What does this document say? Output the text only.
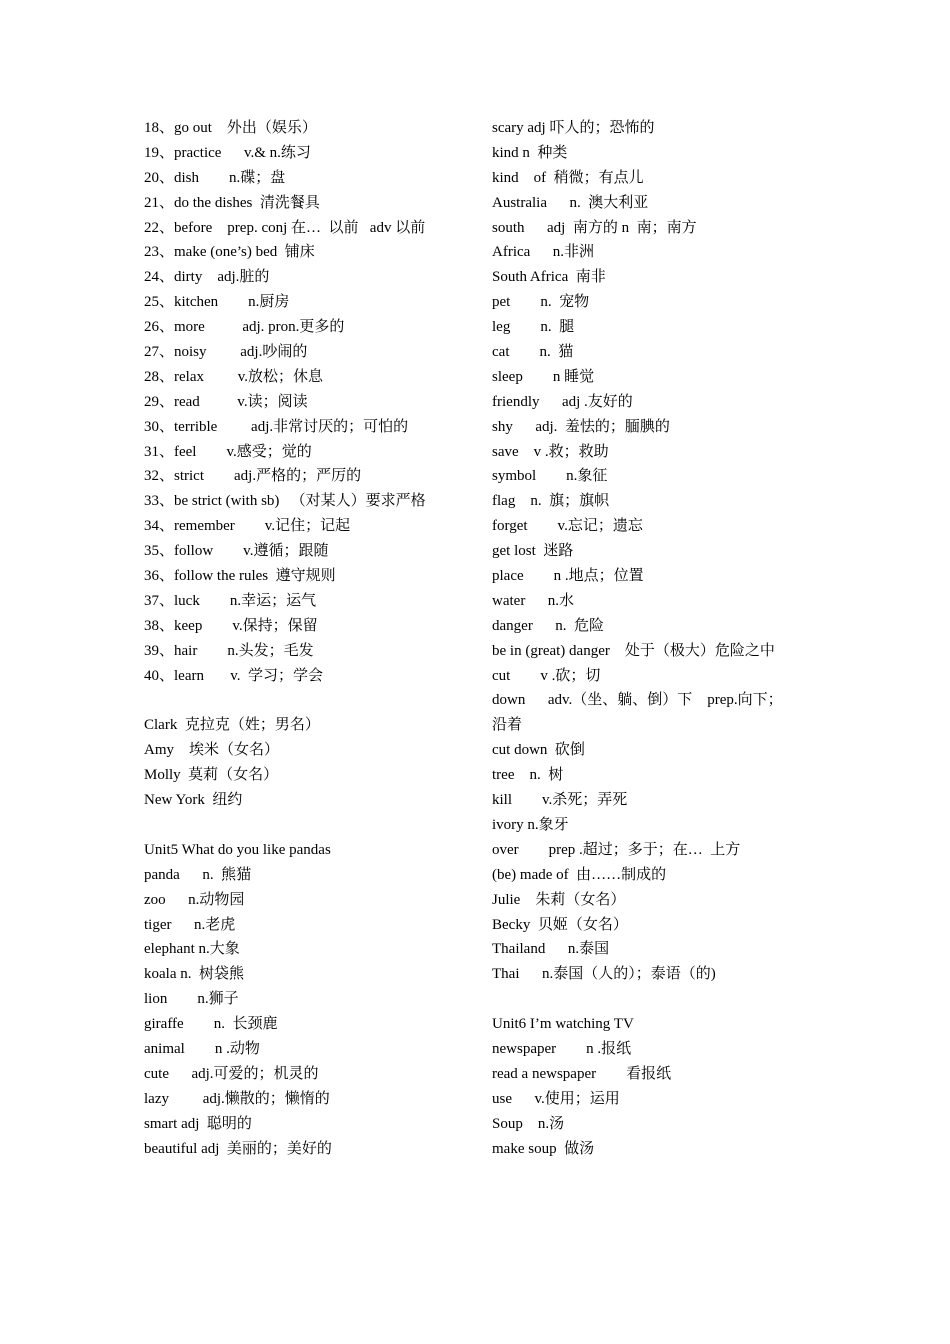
18、go out    外出（娱乐）
19、practice      v.& n.练习
20、dish        n.碟；盘
21、do the dishes  清洗餐具
22、before    prep. conj 在…  以前   adv 以前
23、make (one’s) bed  铺床
24、dirty    adj.脏的
25、kitchen        n.厨房
26、more          adj. pron.更多的
27、noisy         adj.吵闹的
28、relax         v.放松；休息
29、read          v.读；阅读
30、terrible         adj.非常讨厌的；可怕的
31、feel        v.感受；觉的
32、strict        adj.严格的；严厉的
33、be strict (with sb)   （对某人）要求严格
34、remember        v.记住；记起
35、follow        v.遵循；跟随
36、follow the rules  遵守规则
37、luck        n.幸运；运气
38、keep        v.保持；保留
39、hair        n.头发；毛发
40、learn       v.  学习；学会
Clark  克拉克（姓；男名）
Amy    埃米（女名）
Molly  莫莉（女名）
New York  纽约
Unit5 What do you like pandas
panda      n.  熊猫
zoo      n.动物园
tiger      n.老虎
elephant n.大象
koala n.  树袋熊
lion        n.狮子
giraffe        n.  长颈鹿
animal        n .动物
cute      adj.可爱的；机灵的
lazy         adj.懒散的；懒惰的
smart adj  聪明的
beautiful adj  美丽的；美好的
scary adj 吓人的；恐怖的
kind n  种类
kind    of  稍微；有点儿
Australia      n.  澳大利亚
south      adj  南方的 n  南；南方
Africa      n.非洲
South Africa  南非
pet        n.  宠物
leg        n.  腿
cat        n.  猫
sleep        n 睡觉
friendly      adj .友好的
shy      adj.  羞怯的；腼腆的
save    v .救；救助
symbol        n.象征
flag    n.  旗；旗帜
forget        v.忘记；遗忘
get lost  迷路
place        n .地点；位置
water      n.水
danger      n.  危险
be in (great) danger    处于（极大）危险之中
cut        v .砍；切
down      adv.（坐、躺、倒）下    prep.向下；
沿着
cut down  砍倒
tree    n.  树
kill        v.杀死；弄死
ivory n.象牙
over        prep .超过；多于；在…  上方
(be) made of  由……制成的
Julie    朱莉（女名）
Becky  贝姬（女名）
Thailand      n.泰国
Thai      n.泰国（人的）；泰语（的)
Unit6 I’m watching TV
newspaper        n .报纸
read a newspaper        看报纸
use      v.使用；运用
Soup    n.汤
make soup  做汤
